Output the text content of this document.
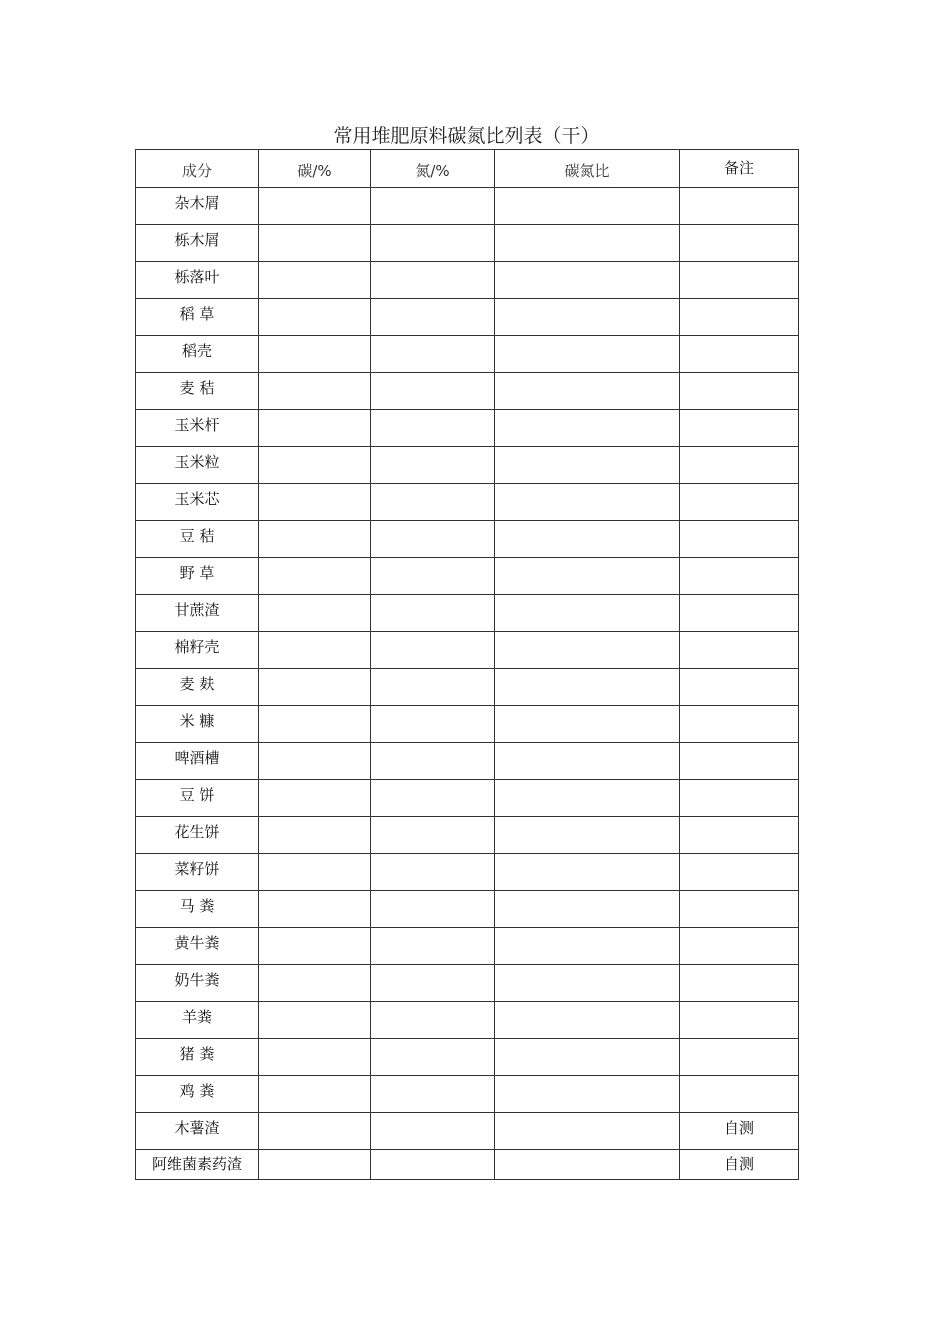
常用堆肥原料碳氮比列表（干）
成分	碳/%	氮/%	碳氮比	备注
杂木屑				
栎木屑				
栎落叶				
稻 草				
稻壳				
麦 秸				
玉米杆				
玉米粒				
玉米芯				
豆 秸				
野 草				
甘蔗渣				
棉籽壳				
麦 麸				
米 糠				
啤酒槽				
豆 饼				
花生饼				
菜籽饼				
马 粪				
黄牛粪				
奶牛粪				
羊粪				
猪 粪				
鸡 粪				
木薯渣				自测
阿维菌素药渣				自测
